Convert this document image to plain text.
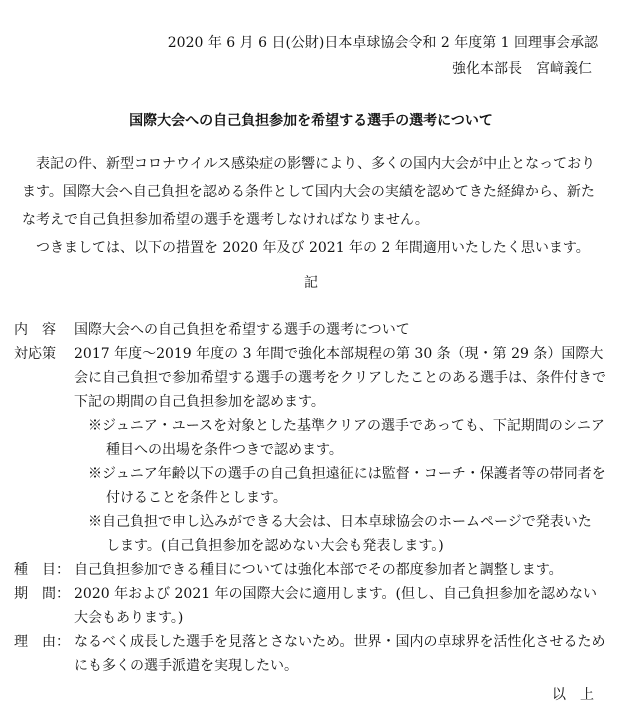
2020 年 6 月 6 日(公財)日本卓球協会令和 2 年度第 1 回理事会承認
強化本部長　宮﨑義仁
国際大会への自己負担参加を希望する選手の選考について

　表記の件、新型コロナウイルス感染症の影響により、多くの国内大会が中止となっております。国際大会へ自己負担を認める条件として国内大会の実績を認めてきた経緯から、新たな考えで自己負担参加希望の選手を選考しなければなりません。

　つきましては、以下の措置を 2020 年及び 2021 年の 2 年間適用いたしたく思います。

記
内　容	国際大会への自己負担を希望する選手の選考について
対応策	2017 年度～2019 年度の 3 年間で強化本部規程の第 30 条（現・第 29 条）国際大会に自己負担で参加希望する選手の選考をクリアしたことのある選手は、条件付きで下記の期間の自己負担参加を認めます。
※ジュニア・ユースを対象とした基準クリアの選手であっても、下記期間のシニア
種目への出場を条件つきで認めます。
※ジュニア年齢以下の選手の自己負担遠征には監督・コーチ・保護者等の帯同者を
付けることを条件とします。
※自己負担で申し込みができる大会は、日本卓球協会のホームページで発表いた
します。(自己負担参加を認めない大会も発表します。)
種　目： 自己負担参加できる種目については強化本部でその都度参加者と調整します。
期　間： 2020 年および 2021 年の国際大会に適用します。(但し、自己負担参加を認めない大会もあります。)
理　由： なるべく成長した選手を見落とさないため。世界・国内の卓球界を活性化させるためにも多くの選手派遣を実現したい。
以　上
